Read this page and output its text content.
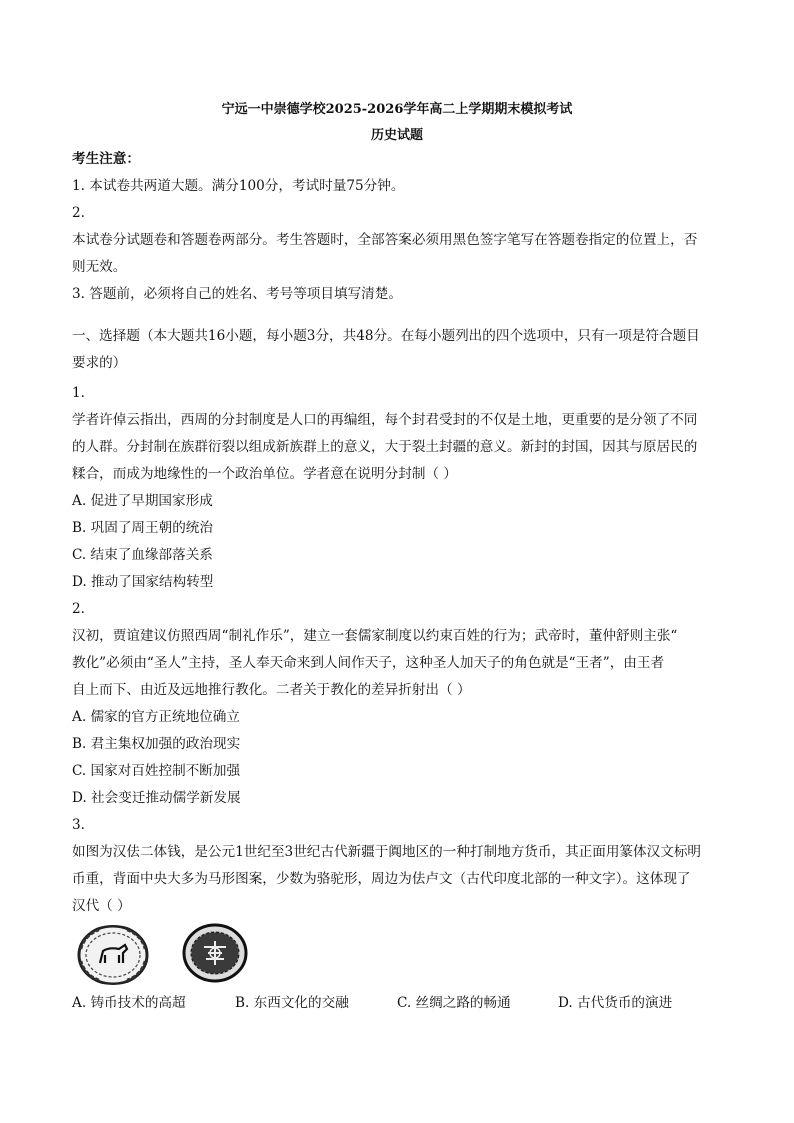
宁远一中崇德学校2025-2026学年高二上学期期末模拟考试
历史试题
考生注意：
1. 本试卷共两道大题。满分100分，考试时量75分钟。
2.
本试卷分试题卷和答题卷两部分。考生答题时，全部答案必须用黑色签字笔写在答题卷指定的位置上，否
则无效。
3. 答题前，必须将自己的姓名、考号等项目填写清楚。
一、选择题（本大题共16小题，每小题3分，共48分。在每小题列出的四个选项中，只有一项是符合题目
要求的）
1.
学者许倬云指出，西周的分封制度是人口的再编组，每个封君受封的不仅是土地，更重要的是分领了不同
的人群。分封制在族群衍裂以组成新族群上的意义，大于裂土封疆的意义。新封的封国，因其与原居民的
糅合，而成为地缘性的一个政治单位。学者意在说明分封制（ ）
A. 促进了早期国家形成
B. 巩固了周王朝的统治
C. 结束了血缘部落关系
D. 推动了国家结构转型
2.
汉初，贾谊建议仿照西周“制礼作乐”，建立一套儒家制度以约束百姓的行为；武帝时，董仲舒则主张“
教化”必须由“圣人”主持，圣人奉天命来到人间作天子，这种圣人加天子的角色就是“王者”，由王者
自上而下、由近及远地推行教化。二者关于教化的差异折射出（ ）
A. 儒家的官方正统地位确立
B. 君主集权加强的政治现实
C. 国家对百姓控制不断加强
D. 社会变迁推动儒学新发展
3.
如图为汉佉二体钱，是公元1世纪至3世纪古代新疆于阗地区的一种打制地方货币，其正面用篆体汉文标明
币重，背面中央大多为马形图案，少数为骆驼形，周边为佉卢文（古代印度北部的一种文字）。这体现了
汉代（ ）
A. 铸币技术的高超	B. 东西文化的交融	C. 丝绸之路的畅通	D. 古代货币的演进
